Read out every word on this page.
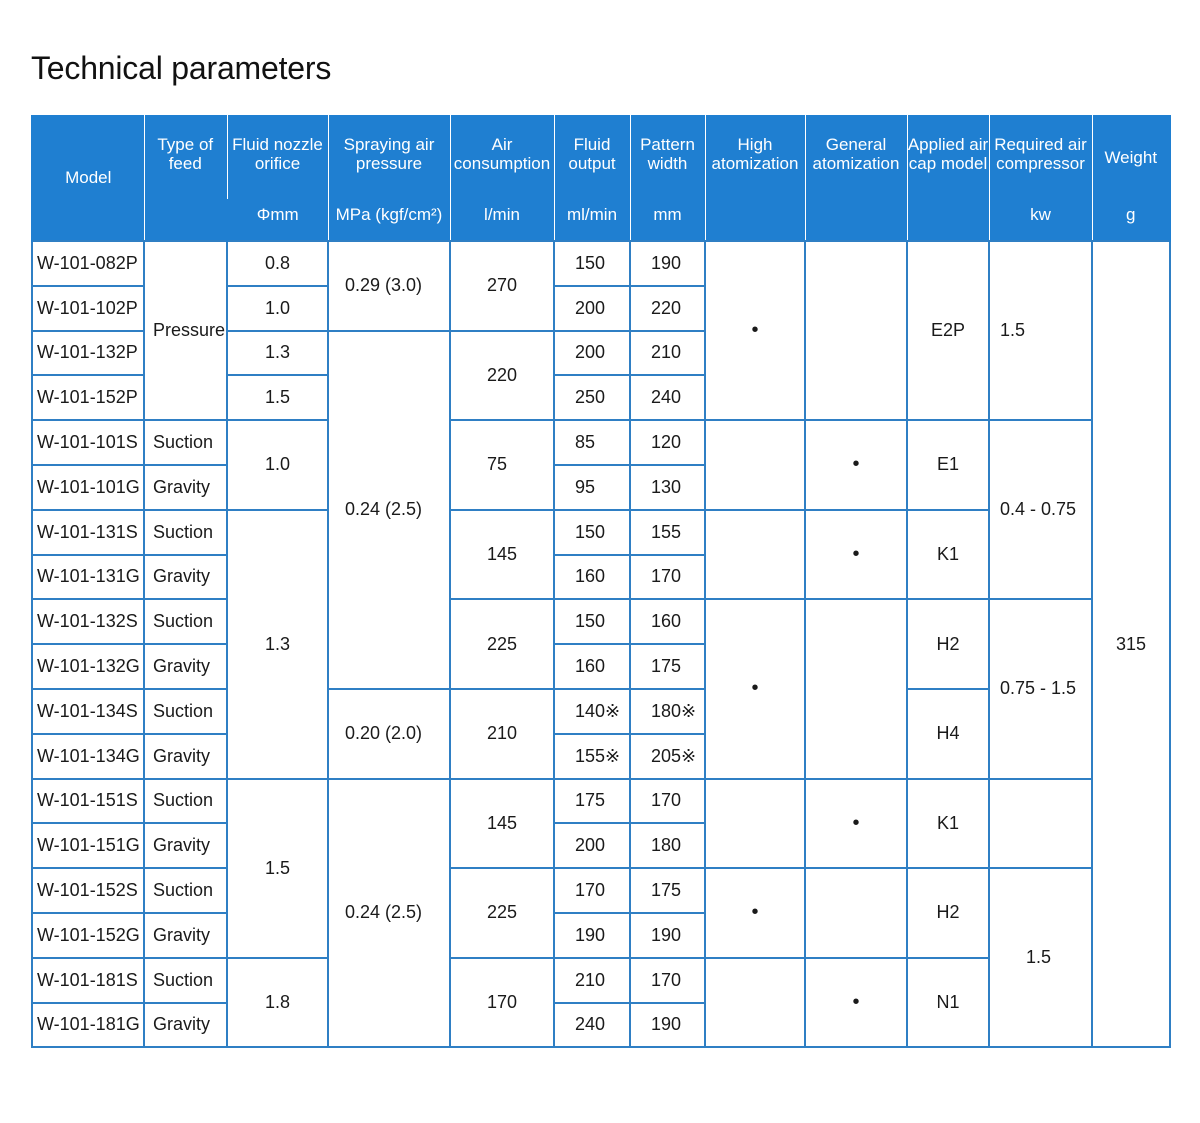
Technical parameters
Model	Type of feed	Fluid nozzle orifice	Spraying air pressure	Air consumption	Fluid output	Pattern width	High atomization	General atomization	Applied air cap model	Required air compressor	Weight
		Φmm	MPa (kgf/cm²)	l/min	ml/min	mm				kw	g
W-101-082P	Pressure	0.8	0.29 (3.0)	270	150	190	•		E2P	1.5	315
W-101-102P		1.0			200	220					
W-101-132P		1.3	0.24 (2.5)	220	200	210					
W-101-152P		1.5			250	240					
W-101-101S	Suction	1.0		75	85	120		•	E1	0.4 - 0.75	
W-101-101G	Gravity				95	130					
W-101-131S	Suction	1.3		145	150	155		•	K1		
W-101-131G	Gravity				160	170					
W-101-132S	Suction			225	150	160	•		H2	0.75 - 1.5	
W-101-132G	Gravity				160	175					
W-101-134S	Suction		0.20 (2.0)	210	140※	180※			H4		
W-101-134G	Gravity				155※	205※					
W-101-151S	Suction	1.5	0.24 (2.5)	145	175	170		•	K1		
W-101-151G	Gravity				200	180					
W-101-152S	Suction			225	170	175	•		H2	1.5	
W-101-152G	Gravity				190	190					
W-101-181S	Suction	1.8		170	210	170		•	N1		
W-101-181G	Gravity				240	190					
